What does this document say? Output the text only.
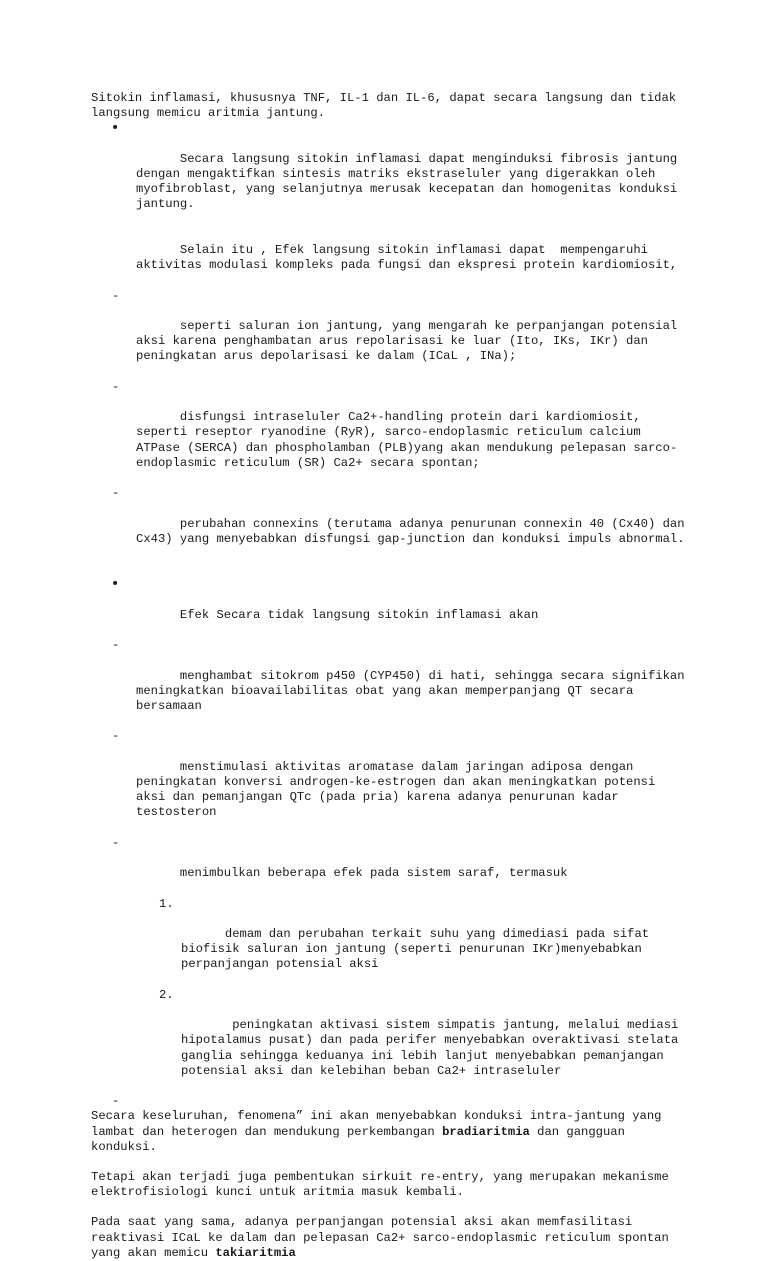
Sitokin inflamasi, khususnya TNF, IL-1 dan IL-6, dapat secara langsung dan tidak langsung memicu aritmia jantung.

•

Secara langsung sitokin inflamasi dapat menginduksi fibrosis jantung dengan mengaktifkan sintesis matriks ekstraseluler yang digerakkan oleh myofibroblast, yang selanjutnya merusak kecepatan dan homogenitas konduksi jantung.

Selain itu , Efek langsung sitokin inflamasi dapat  mempengaruhi aktivitas modulasi kompleks pada fungsi dan ekspresi protein kardiomiosit,

-

seperti saluran ion jantung, yang mengarah ke perpanjangan potensial aksi karena penghambatan arus repolarisasi ke luar (Ito, IKs, IKr) dan peningkatan arus depolarisasi ke dalam (ICaL , INa);

-

disfungsi intraseluler Ca2+-handling protein dari kardiomiosit, seperti reseptor ryanodine (RyR), sarco-endoplasmic reticulum calcium ATPase (SERCA) dan phospholamban (PLB)yang akan mendukung pelepasan sarco-endoplasmic reticulum (SR) Ca2+ secara spontan;

-

perubahan connexins (terutama adanya penurunan connexin 40 (Cx40) dan Cx43) yang menyebabkan disfungsi gap-junction dan konduksi impuls abnormal.

•

Efek Secara tidak langsung sitokin inflamasi akan

-

menghambat sitokrom p450 (CYP450) di hati, sehingga secara signifikan meningkatkan bioavailabilitas obat yang akan memperpanjang QT secara bersamaan

-

menstimulasi aktivitas aromatase dalam jaringan adiposa dengan peningkatan konversi androgen-ke-estrogen dan akan meningkatkan potensi aksi dan pemanjangan QTc (pada pria) karena adanya penurunan kadar testosteron

-

menimbulkan beberapa efek pada sistem saraf, termasuk

1.

demam dan perubahan terkait suhu yang dimediasi pada sifat biofisik saluran ion jantung (seperti penurunan IKr)menyebabkan perpanjangan potensial aksi

2.

peningkatan aktivasi sistem simpatis jantung, melalui mediasi hipotalamus pusat) dan pada perifer menyebabkan overaktivasi stelata ganglia sehingga keduanya ini lebih lanjut menyebabkan pemanjangan potensial aksi dan kelebihan beban Ca2+ intraseluler

-

Secara keseluruhan, fenomena” ini akan menyebabkan konduksi intra-jantung yang lambat dan heterogen dan mendukung perkembangan bradiaritmia dan gangguan konduksi.

Tetapi akan terjadi juga pembentukan sirkuit re-entry, yang merupakan mekanisme elektrofisiologi kunci untuk aritmia masuk kembali.

Pada saat yang sama, adanya perpanjangan potensial aksi akan memfasilitasi reaktivasi ICaL ke dalam dan pelepasan Ca2+ sarco-endoplasmic reticulum spontan yang akan memicu takiaritmia
